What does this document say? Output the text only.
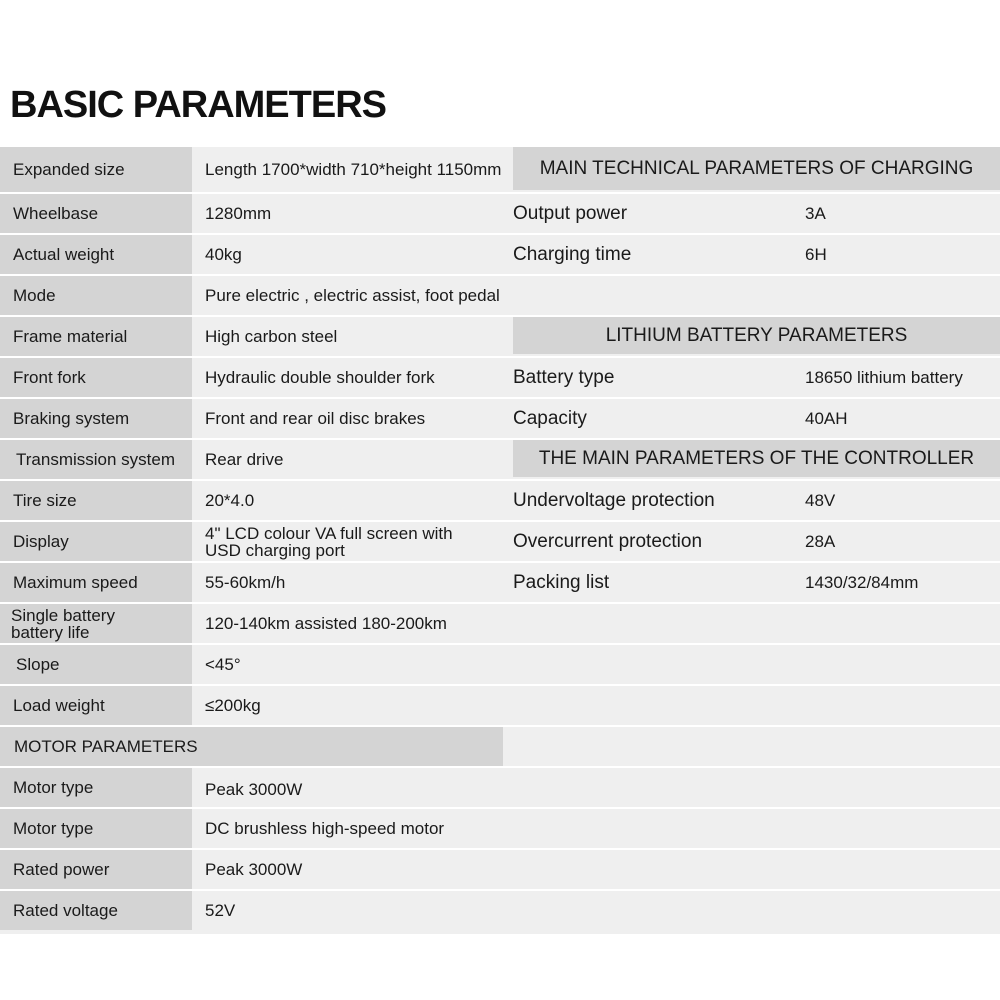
BASIC PARAMETERS
Expanded size	Length 1700*width 710*height 1150mm	MAIN TECHNICAL PARAMETERS OF CHARGING
Wheelbase	1280mm	Output power	3A
Actual weight	40kg	Charging time	6H
Mode	Pure electric , electric assist, foot pedal
Frame material	High carbon steel	LITHIUM BATTERY PARAMETERS
Front fork	Hydraulic double shoulder fork	Battery type	18650 lithium battery
Braking system	Front and rear oil disc brakes	Capacity	40AH
Transmission system	Rear drive	THE MAIN PARAMETERS OF THE CONTROLLER
Tire size	20*4.0	Undervoltage protection	48V
Display	4" LCD colour VA full screen with USD charging port	Overcurrent protection	28A
Maximum speed	55-60km/h	Packing list	1430/32/84mm
Single battery battery life	120-140km assisted 180-200km
Slope	<45°
Load weight	≤200kg
MOTOR PARAMETERS
Motor type	Peak 3000W
Motor type	DC brushless high-speed motor
Rated power	Peak 3000W
Rated voltage	52V
